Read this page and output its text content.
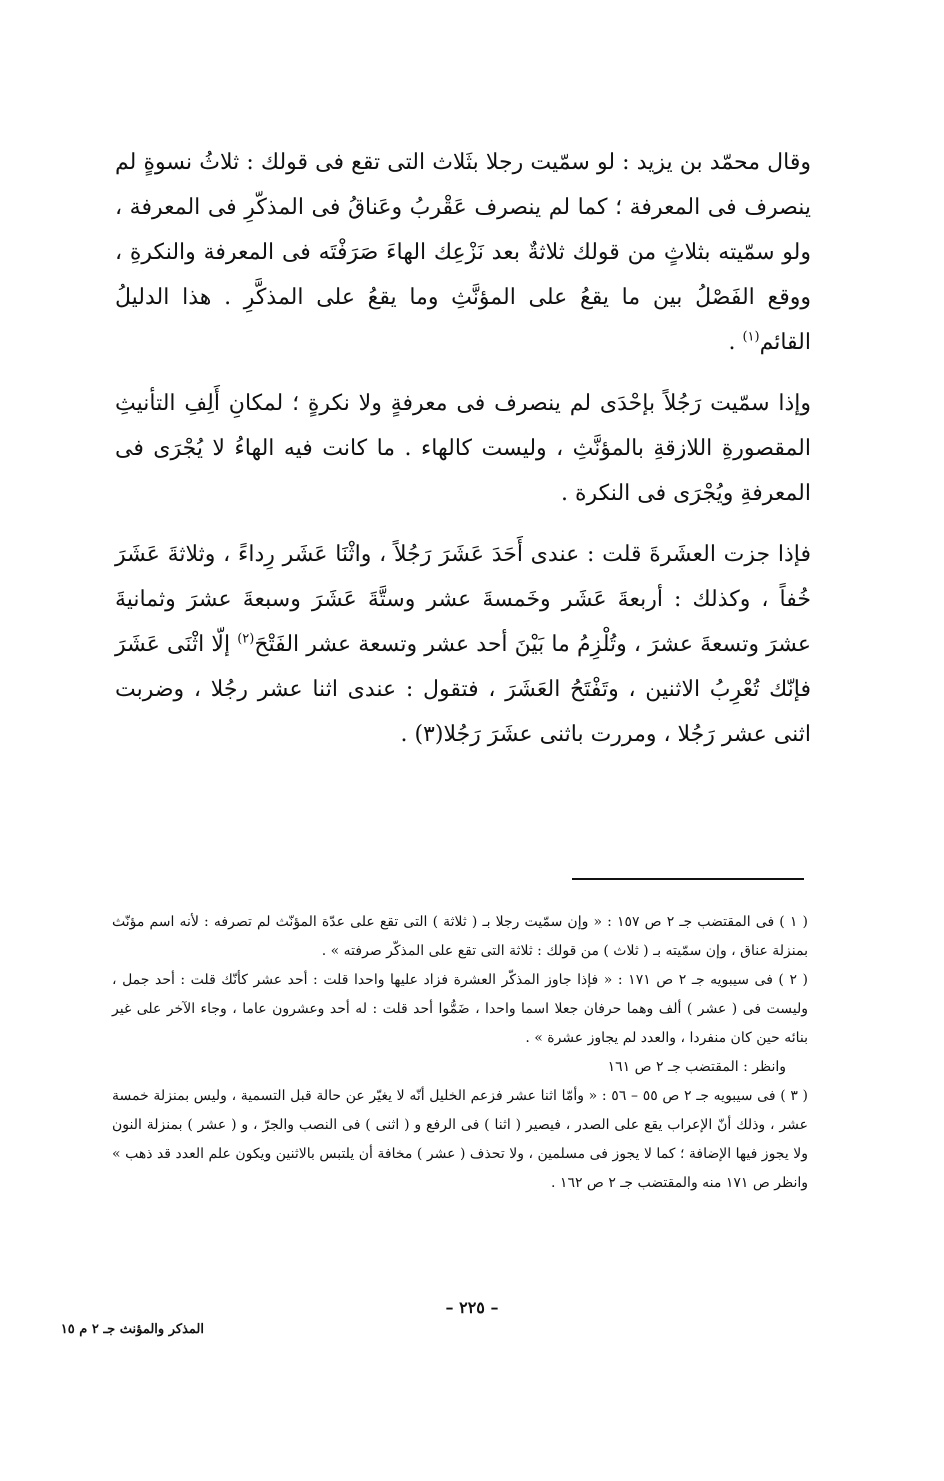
وقال محمّد بن يزيد : لو سمّيت رجلا بثَلاث التى تقع فى قولك : ثلاثُ نسوةٍ لم ينصرف فى المعرفة ؛ كما لم ينصرف عَقْربُ وعَناقُ فى المذكّرِ فى المعرفة ، ولو سمّيته بثلاثٍ من قولك ثلاثةٌ بعد نَزْعِك الهاءَ صَرَفْتَه فى المعرفة والنكرةِ ، ووقع الفَصْلُ بين ما يقعُ على المؤنَّثِ وما يقعُ على المذكَّرِ . هذا الدليلُ القائم$^{(١)}$ .

وإذا سمّيت رَجُلاً بإحْدَى لم ينصرف فى معرفةٍ ولا نكرةٍ ؛ لمكانِ أَلِفِ التأنيثِ المقصورةِ اللازقةِ بالمؤنَّثِ ، وليست كالهاء . ما كانت فيه الهاءُ لا يُجْرَى فى المعرفةِ ويُجْرَى فى النكرة .

فإذا جزت العشَرةَ قلت : عندى أَحَدَ عَشَرَ رَجُلاً ، واثْنَا عَشَر رِداءً ، وثلاثةَ عَشَرَ خُفاً ، وكذلك : أربعةَ عَشَر وخَمسةَ عشر وستَّةَ عَشَرَ وسبعةَ عشرَ وثمانيةَ عشرَ وتسعةَ عشرَ ، وتُلْزِمُ ما بَيْنَ أحد عشر وتسعة عشر الفَتْحَ$^{(٢)}$ إلّا اثْنَى عَشَرَ فإنّك تُعْرِبُ الاثنين ، وتَفْتَحُ العَشَرَ ، فتقول : عندى اثنا عشر رجُلا ، وضربت اثنى عشر رَجُلا ، ومررت باثنى عشَرَ رَجُلا(٣) .

( ١ ) فى المقتضب جـ ٢ ص ١٥٧ : « وإن سمّيت رجلا بـ ( ثلاثة ) التى تقع على عدّة المؤنّث لم تصرفه : لأنه اسم مؤنّث بمنزلة عناق ، وإن سمّيته بـ ( ثلاث ) من قولك : ثلاثة التى تقع على المذكّر صرفته » .

( ٢ ) فى سيبويه جـ ٢ ص ١٧١ : « فإذا جاوز المذكّر العشرة فزاد عليها واحدا قلت : أحد عشر كأنّك قلت : أحد جمل ، وليست فى ( عشر ) ألف وهما حرفان جعلا اسما واحدا ، ضَمُّوا أحد قلت : له أحد وعشرون عاما ، وجاء الآخر على غير بنائه حين كان منفردا ، والعدد لم يجاوز عشرة » .

وانظر : المقتضب جـ ٢ ص ١٦١

( ٣ ) فى سيبويه جـ ٢ ص ٥٥ – ٥٦ : « وأمّا اثنا عشر فزعم الخليل أنّه لا يغيّر عن حالة قبل التسمية ، وليس بمنزلة خمسة عشر ، وذلك أنّ الإعراب يقع على الصدر ، فيصير ( اثنا ) فى الرفع و ( اثنى ) فى النصب والجرّ ، و ( عشر ) بمنزلة النون ولا يجوز فيها الإضافة ؛ كما لا يجوز فى مسلمين ، ولا تحذف ( عشر ) مخافة أن يلتبس بالاثنين ويكون علم العدد قد ذهب » وانظر ص ١٧١ منه والمقتضب جـ ٢ ص ١٦٢ .

– ٢٢٥ –
المذكر والمؤنث جـ ٢ م ١٥
